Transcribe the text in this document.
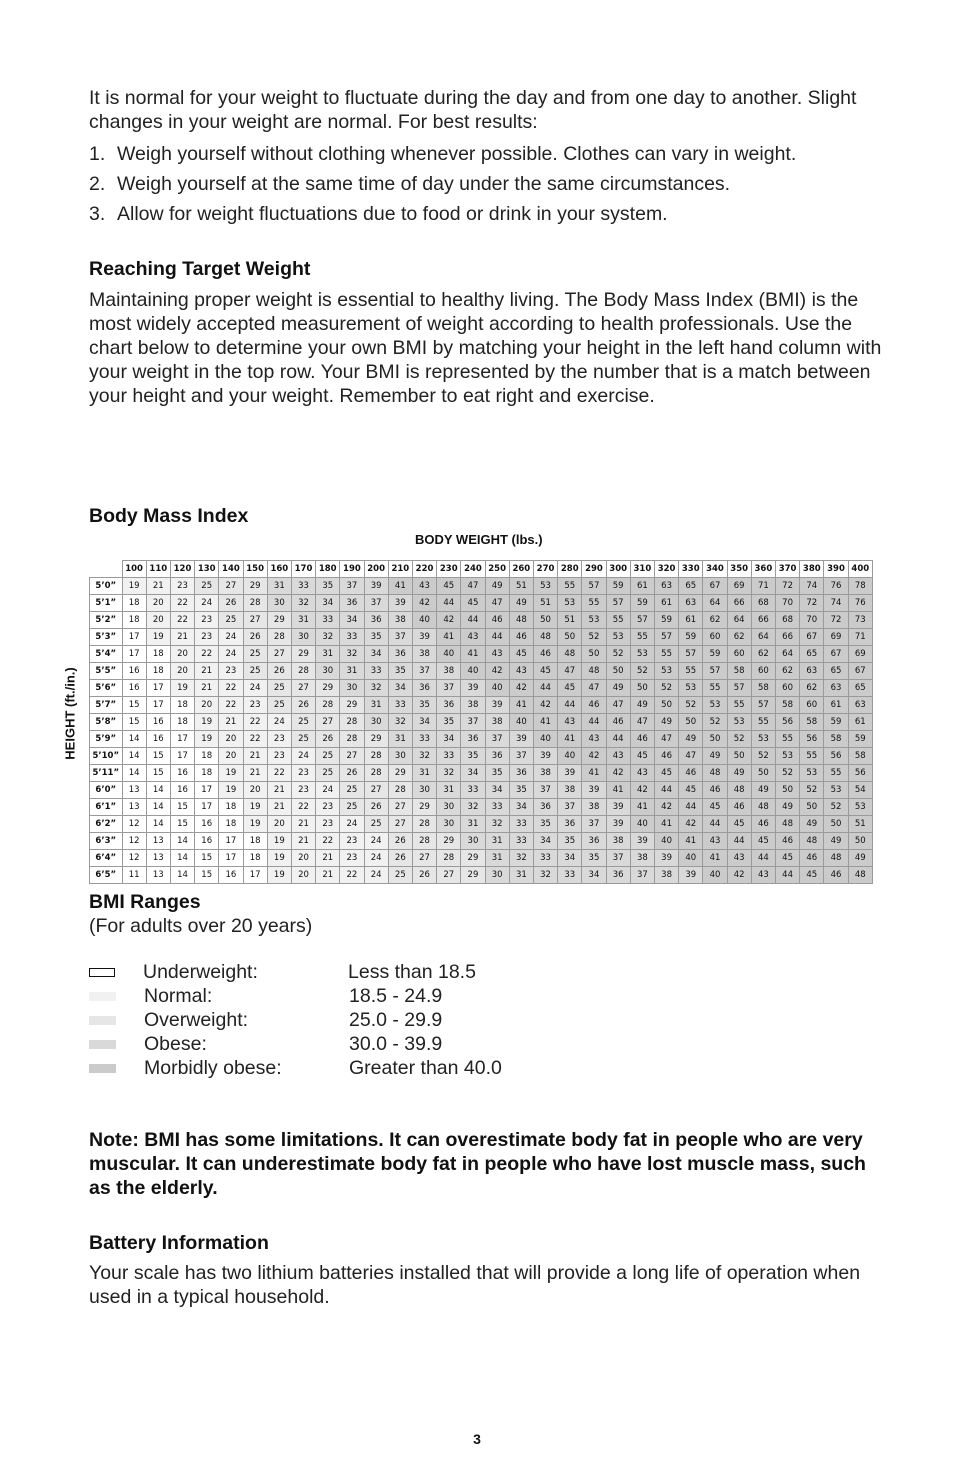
It is normal for your weight to fluctuate during the day and from one day to another. Slight changes in your weight are normal. For best results:

1. Weigh yourself without clothing whenever possible. Clothes can vary in weight.
2. Weigh yourself at the same time of day under the same circumstances.
3. Allow for weight fluctuations due to food or drink in your system.
Reaching Target Weight

Maintaining proper weight is essential to healthy living. The Body Mass Index (BMI) is the most widely accepted measurement of weight according to health professionals. Use the chart below to determine your own BMI by matching your height in the left hand column with your weight in the top row. Your BMI is represented by the number that is a match between your height and your weight. Remember to eat right and exercise.

Body Mass Index
BODY WEIGHT (lbs.)
HEIGHT (ft./in.)
	100	110	120	130	140	150	160	170	180	190	200	210	220	230	240	250	260	270	280	290	300	310	320	330	340	350	360	370	380	390	400
5’0”	19	21	23	25	27	29	31	33	35	37	39	41	43	45	47	49	51	53	55	57	59	61	63	65	67	69	71	72	74	76	78
5’1”	18	20	22	24	26	28	30	32	34	36	37	39	42	44	45	47	49	51	53	55	57	59	61	63	64	66	68	70	72	74	76
5’2”	18	20	22	23	25	27	29	31	33	34	36	38	40	42	44	46	48	50	51	53	55	57	59	61	62	64	66	68	70	72	73
5’3”	17	19	21	23	24	26	28	30	32	33	35	37	39	41	43	44	46	48	50	52	53	55	57	59	60	62	64	66	67	69	71
5’4”	17	18	20	22	24	25	27	29	31	32	34	36	38	40	41	43	45	46	48	50	52	53	55	57	59	60	62	64	65	67	69
5’5”	16	18	20	21	23	25	26	28	30	31	33	35	37	38	40	42	43	45	47	48	50	52	53	55	57	58	60	62	63	65	67
5’6”	16	17	19	21	22	24	25	27	29	30	32	34	36	37	39	40	42	44	45	47	49	50	52	53	55	57	58	60	62	63	65
5’7”	15	17	18	20	22	23	25	26	28	29	31	33	35	36	38	39	41	42	44	46	47	49	50	52	53	55	57	58	60	61	63
5’8”	15	16	18	19	21	22	24	25	27	28	30	32	34	35	37	38	40	41	43	44	46	47	49	50	52	53	55	56	58	59	61
5’9”	14	16	17	19	20	22	23	25	26	28	29	31	33	34	36	37	39	40	41	43	44	46	47	49	50	52	53	55	56	58	59
5’10”	14	15	17	18	20	21	23	24	25	27	28	30	32	33	35	36	37	39	40	42	43	45	46	47	49	50	52	53	55	56	58
5’11”	14	15	16	18	19	21	22	23	25	26	28	29	31	32	34	35	36	38	39	41	42	43	45	46	48	49	50	52	53	55	56
6’0”	13	14	16	17	19	20	21	23	24	25	27	28	30	31	33	34	35	37	38	39	41	42	44	45	46	48	49	50	52	53	54
6’1”	13	14	15	17	18	19	21	22	23	25	26	27	29	30	32	33	34	36	37	38	39	41	42	44	45	46	48	49	50	52	53
6’2”	12	14	15	16	18	19	20	21	23	24	25	27	28	30	31	32	33	35	36	37	39	40	41	42	44	45	46	48	49	50	51
6’3”	12	13	14	16	17	18	19	21	22	23	24	26	28	29	30	31	33	34	35	36	38	39	40	41	43	44	45	46	48	49	50
6’4”	12	13	14	15	17	18	19	20	21	23	24	26	27	28	29	31	32	33	34	35	37	38	39	40	41	43	44	45	46	48	49
6’5”	11	13	14	15	16	17	19	20	21	22	24	25	26	27	29	30	31	32	33	34	36	37	38	39	40	42	43	44	45	46	48
BMI Ranges

(For adults over 20 years)

Underweight:	Less than 18.5
Normal:	18.5 - 24.9
Overweight:	25.0 - 29.9
Obese:	30.0 - 39.9
Morbidly obese:	Greater than 40.0

Note: BMI has some limitations. It can overestimate body fat in people who are very muscular. It can underestimate body fat in people who have lost muscle mass, such as the elderly.

Battery Information

Your scale has two lithium batteries installed that will provide a long life of operation when used in a typical household.

3
